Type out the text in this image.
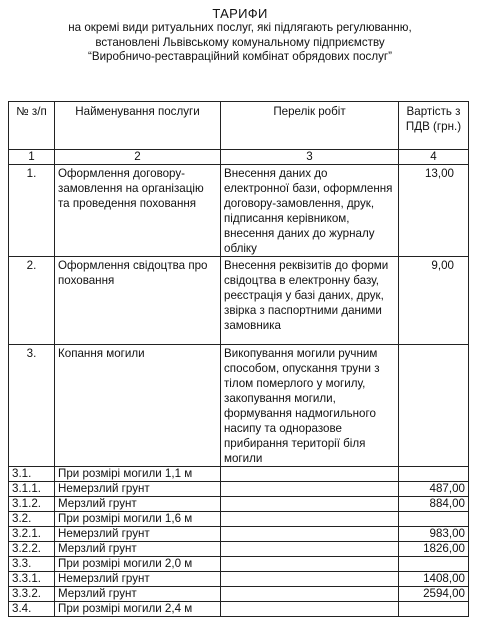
ТАРИФИ
на окремі види ритуальних послуг, які підлягають регулюванню,
встановлені Львівському комунальному підприємству
“Виробничо-реставраційний комбінат обрядових послуг”
№ з/п	Найменування послуги	Перелік робіт	Вартість з ПДВ (грн.)
1	2	3	4
1.	Оформлення договору-замовлення на організацію та проведення поховання	Внесення даних до електронної бази, оформлення договору-замовлення, друк, підписання керівником, внесення даних до журналу обліку	13,00
2.	Оформлення свідоцтва про поховання	Внесення реквізитів до форми свідоцтва в електронну базу, реєстрація у базі даних, друк, звірка з паспортними даними замовника	9,00
3.	Копання могили	Викопування могили ручним способом, опускання труни з тілом померлого у могилу, закопування могили, формування надмогильного насипу та одноразове прибирання території біля могили	
3.1.	При розмірі могили 1,1 м		
3.1.1.	Немерзлий грунт		487,00
3.1.2.	Мерзлий грунт		884,00
3.2.	При розмірі могили 1,6 м		
3.2.1.	Немерзлий грунт		983,00
3.2.2.	Мерзлий грунт		1826,00
3.3.	При розмірі могили 2,0 м		
3.3.1.	Немерзлий грунт		1408,00
3.3.2.	Мерзлий грунт		2594,00
3.4.	При розмірі могили 2,4 м		
